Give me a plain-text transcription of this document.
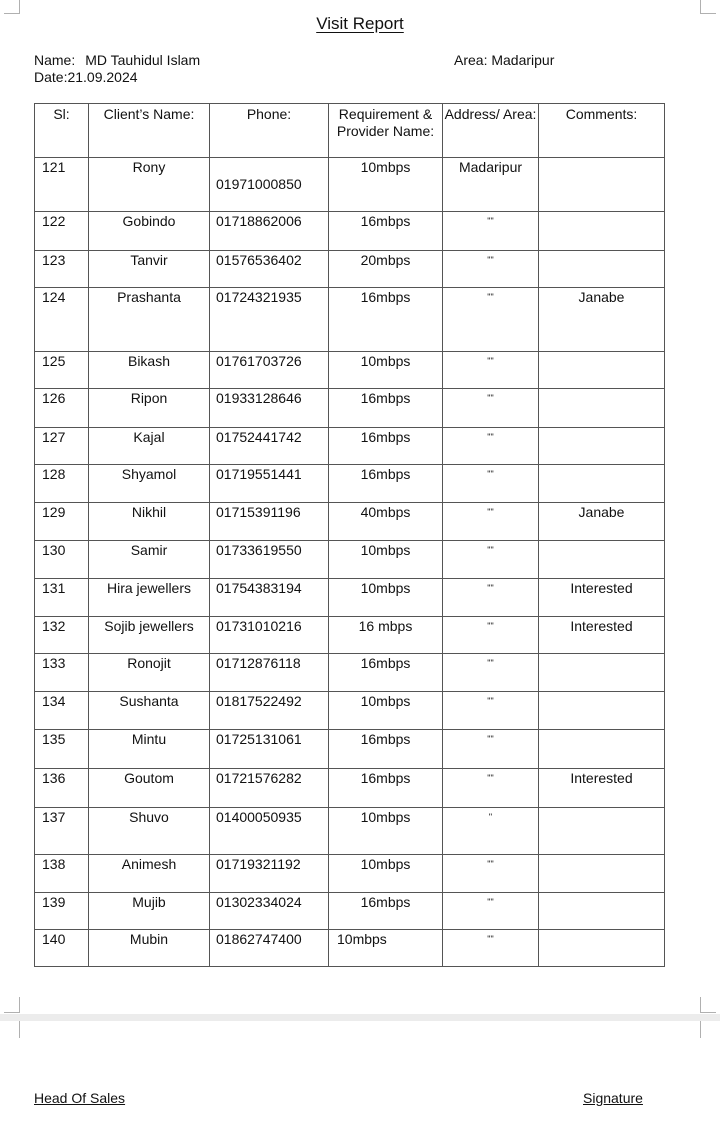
Visit Report
Name: MD Tauhidul Islam
Date:21.09.2024
Area: Madaripur
Sl:	Client’s Name:	Phone:	Requirement & Provider Name:	Address/ Area:	Comments:
121	Rony	01971000850	10mbps	Madaripur	
122	Gobindo	01718862006	16mbps	""	
123	Tanvir	01576536402	20mbps	""	
124	Prashanta	01724321935	16mbps	""	Janabe
125	Bikash	01761703726	10mbps	""	
126	Ripon	01933128646	16mbps	""	
127	Kajal	01752441742	16mbps	""	
128	Shyamol	01719551441	16mbps	""	
129	Nikhil	01715391196	40mbps	""	Janabe
130	Samir	01733619550	10mbps	""	
131	Hira jewellers	01754383194	10mbps	""	Interested
132	Sojib jewellers	01731010216	16 mbps	""	Interested
133	Ronojit	01712876118	16mbps	""	
134	Sushanta	01817522492	10mbps	""	
135	Mintu	01725131061	16mbps	""	
136	Goutom	01721576282	16mbps	""	Interested
137	Shuvo	01400050935	10mbps	"	
138	Animesh	01719321192	10mbps	""	
139	Mujib	01302334024	16mbps	""	
140	Mubin	01862747400	10mbps	""	
Head Of Sales	Signature
